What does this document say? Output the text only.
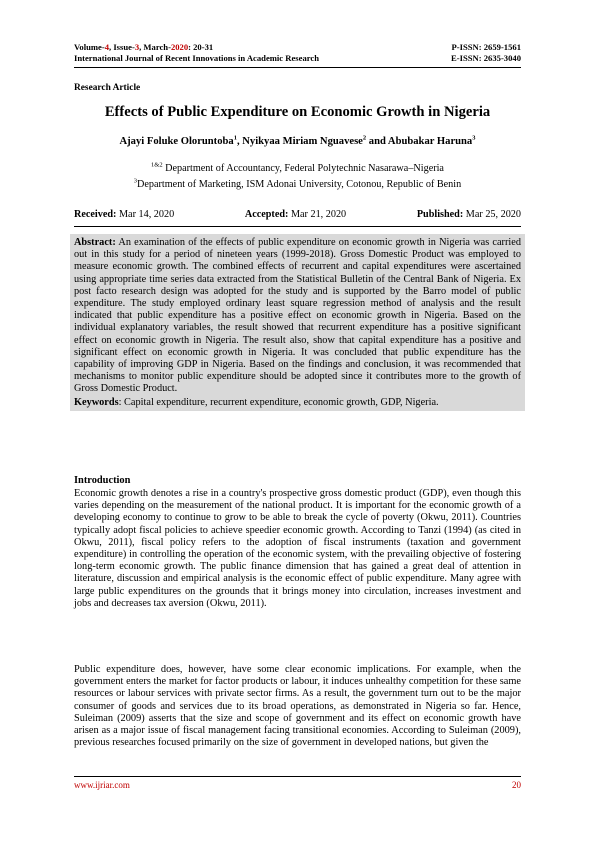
Volume-4, Issue-3, March-2020: 20-31	P-ISSN: 2659-1561
International Journal of Recent Innovations in Academic Research	E-ISSN: 2635-3040
Research Article
Effects of Public Expenditure on Economic Growth in Nigeria
Ajayi Foluke Oloruntoba$^1$, Nyikyaa Miriam Nguavese$^2$ and Abubakar Haruna$^3$
$^{1\&2}$ Department of Accountancy, Federal Polytechnic Nasarawa–Nigeria
$^3$Department of Marketing, ISM Adonai University, Cotonou, Republic of Benin
Received: Mar 14, 2020	Accepted: Mar 21, 2020	Published: Mar 25, 2020

Abstract: An examination of the effects of public expenditure on economic growth in Nigeria was carried out in this study for a period of nineteen years (1999-2018). Gross Domestic Product was employed to measure economic growth. The combined effects of recurrent and capital expenditures were ascertained using appropriate time series data extracted from the Statistical Bulletin of the Central Bank of Nigeria. Ex post facto research design was adopted for the study and is supported by the Barro model of public expenditure. The study employed ordinary least square regression method of analysis and the result indicated that public expenditure has a positive effect on economic growth in Nigeria. Based on the individual explanatory variables, the result showed that recurrent expenditure has a positive significant effect on economic growth in Nigeria. The result also, show that capital expenditure has a positive and significant effect on economic growth in Nigeria. It was concluded that public expenditure has the capability of improving GDP in Nigeria. Based on the findings and conclusion, it was recommended that mechanisms to monitor public expenditure should be adopted since it contributes more to the growth of Gross Domestic Product.

Keywords: Capital expenditure, recurrent expenditure, economic growth, GDP, Nigeria.

Introduction
Economic growth denotes a rise in a country's prospective gross domestic product (GDP), even though this varies depending on the measurement of the national product. It is important for the economic growth of a developing economy to continue to grow to be able to break the cycle of poverty (Okwu, 2011). Countries typically adopt fiscal policies to achieve speedier economic growth. According to Tanzi (1994) (as cited in Okwu, 2011), fiscal policy refers to the adoption of fiscal instruments (taxation and government expenditure) in controlling the operation of the economic system, with the prevailing objective of fostering long-term economic growth. The public finance dimension that has gained a great deal of attention in literature, discussion and empirical analysis is the economic effect of public expenditure. Many agree with large public expenditures on the grounds that it brings money into circulation, increases investment and jobs and decreases tax aversion (Okwu, 2011).
Public expenditure does, however, have some clear economic implications. For example, when the government enters the market for factor products or labour, it induces unhealthy competition for these same resources or labour services with private sector firms. As a result, the government turn out to be the major consumer of goods and services due to its broad operations, as demonstrated in Nigeria so far. Hence, Suleiman (2009) asserts that the size and scope of government and its effect on economic growth have arisen as a major issue of fiscal management facing transitional economies. According to Suleiman (2009), previous researches focused primarily on the size of government in developed nations, but given the
www.ijriar.com	20
